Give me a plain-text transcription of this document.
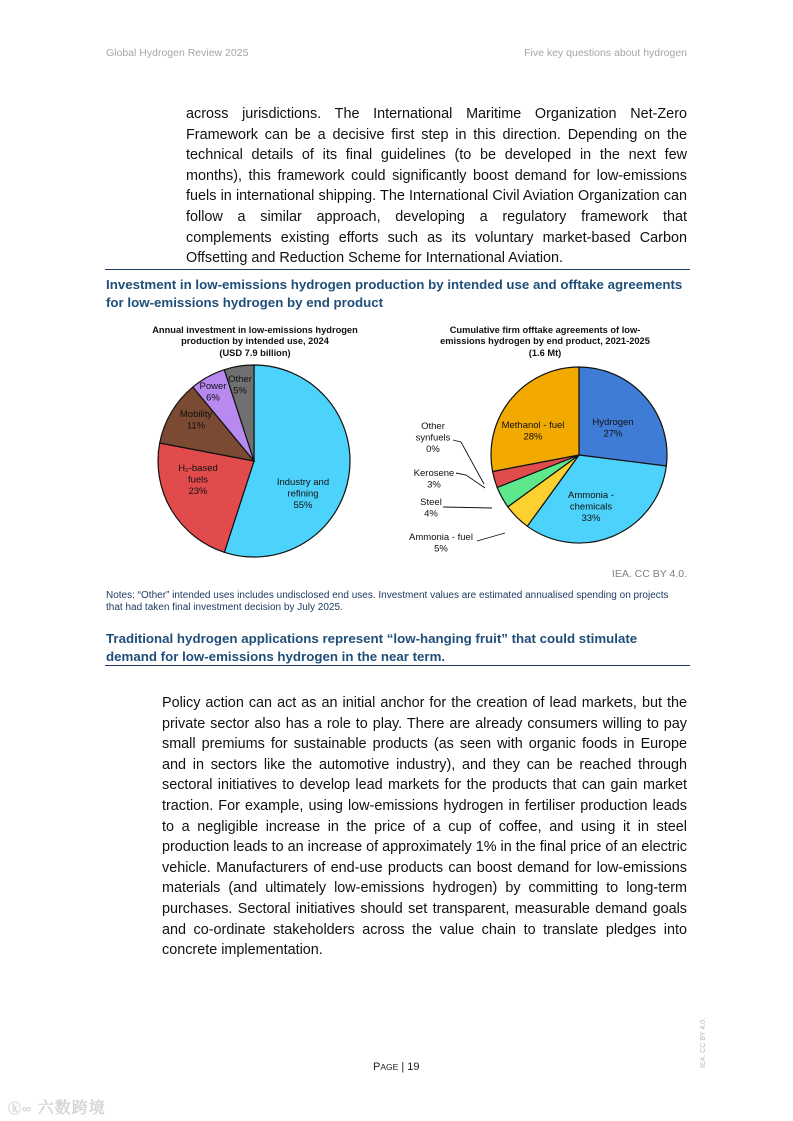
Global Hydrogen Review 2025	Five key questions about hydrogen

across jurisdictions. The International Maritime Organization Net-Zero Framework can be a decisive first step in this direction. Depending on the technical details of its final guidelines (to be developed in the next few months), this framework could significantly boost demand for low-emissions fuels in international shipping. The International Civil Aviation Organization can follow a similar approach, developing a regulatory framework that complements existing efforts such as its voluntary market-based Carbon Offsetting and Reduction Scheme for International Aviation.

Investment in low-emissions hydrogen production by intended use and offtake agreements for low-emissions hydrogen by end product

Annual investment in low-emissions hydrogen
production by intended use, 2024
(USD 7.9 billion)
Cumulative firm offtake agreements of low-
emissions hydrogen by end product, 2021-2025
(1.6 Mt)
Industry and refining 55%
H₂-based fuels 23%
Mobility 11%
Power 6%
Other 5%
Hydrogen 27%
Ammonia -chemicals 33%
Ammonia - fuel 5%
Steel 4%
Kerosene 3%
Other synfuels 0%
Methanol - fuel 28%
IEA. CC BY 4.0.

Notes: “Other” intended uses includes undisclosed end uses. Investment values are estimated annualised spending on projects that had taken final investment decision by July 2025.

Traditional hydrogen applications represent “low-hanging fruit” that could stimulate demand for low-emissions hydrogen in the near term.

Policy action can act as an initial anchor for the creation of lead markets, but the private sector also has a role to play. There are already consumers willing to pay small premiums for sustainable products (as seen with organic foods in Europe and in sectors like the automotive industry), and they can be reached through sectoral initiatives to develop lead markets for the products that can gain market traction. For example, using low-emissions hydrogen in fertiliser production leads to a negligible increase in the price of a cup of coffee, and using it in steel production leads to an increase of approximately 1% in the final price of an electric vehicle. Manufacturers of end-use products can boost demand for low-emissions materials (and ultimately low-emissions hydrogen) by committing to long-term purchases. Sectoral initiatives should set transparent, measurable demand goals and co-ordinate stakeholders across the value chain to translate pledges into concrete implementation.

PAGE | 19	IEA. CC BY 4.0.
ⓚ∞ 六数跨境
